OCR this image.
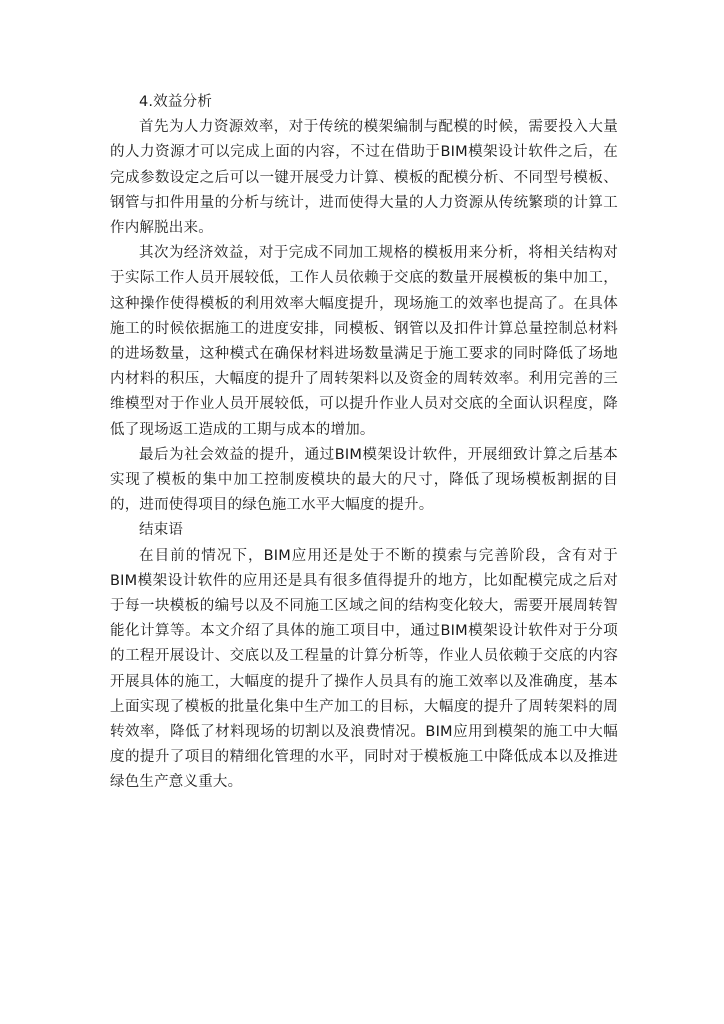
4.效益分析

首先为人力资源效率，对于传统的模架编制与配模的时候，需要投入大量的人力资源才可以完成上面的内容，不过在借助于BIM模架设计软件之后，在完成参数设定之后可以一键开展受力计算、模板的配模分析、不同型号模板、钢管与扣件用量的分析与统计，进而使得大量的人力资源从传统繁琐的计算工作内解脱出来。

其次为经济效益，对于完成不同加工规格的模板用来分析，将相关结构对于实际工作人员开展较低，工作人员依赖于交底的数量开展模板的集中加工，这种操作使得模板的利用效率大幅度提升，现场施工的效率也提高了。在具体施工的时候依据施工的进度安排，同模板、钢管以及扣件计算总量控制总材料的进场数量，这种模式在确保材料进场数量满足于施工要求的同时降低了场地内材料的积压，大幅度的提升了周转架料以及资金的周转效率。利用完善的三维模型对于作业人员开展较低，可以提升作业人员对交底的全面认识程度，降低了现场返工造成的工期与成本的增加。

最后为社会效益的提升，通过BIM模架设计软件，开展细致计算之后基本实现了模板的集中加工控制废模块的最大的尺寸，降低了现场模板割据的目的，进而使得项目的绿色施工水平大幅度的提升。

结束语

在目前的情况下，BIM应用还是处于不断的摸索与完善阶段，含有对于BIM模架设计软件的应用还是具有很多值得提升的地方，比如配模完成之后对于每一块模板的编号以及不同施工区域之间的结构变化较大，需要开展周转智能化计算等。本文介绍了具体的施工项目中，通过BIM模架设计软件对于分项的工程开展设计、交底以及工程量的计算分析等，作业人员依赖于交底的内容开展具体的施工，大幅度的提升了操作人员具有的施工效率以及准确度，基本上面实现了模板的批量化集中生产加工的目标，大幅度的提升了周转架料的周转效率，降低了材料现场的切割以及浪费情况。BIM应用到模架的施工中大幅度的提升了项目的精细化管理的水平，同时对于模板施工中降低成本以及推进绿色生产意义重大。
